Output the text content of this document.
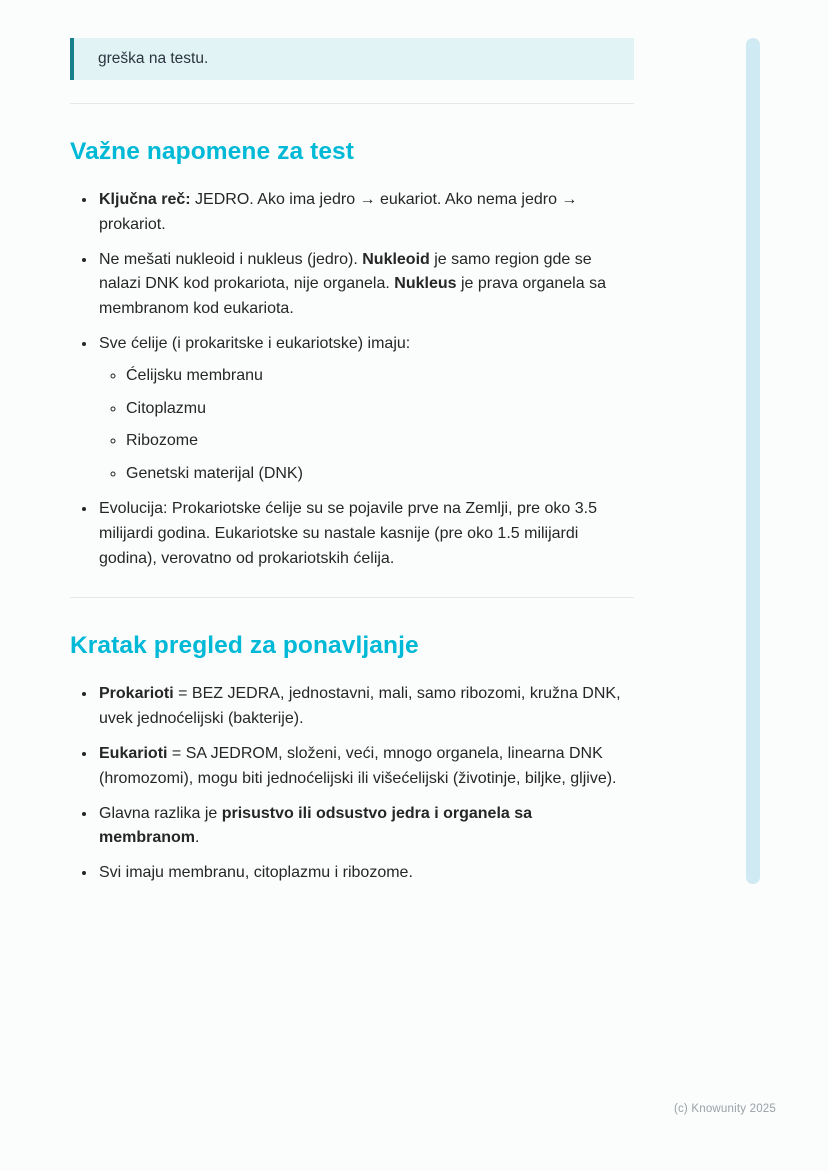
greška na testu.
Važne napomene za test
• Ključna reč: JEDRO. Ako ima jedro → eukariot. Ako nema jedro → prokariot.
• Ne mešati nukleoid i nukleus (jedro). Nukleoid je samo region gde se nalazi DNK kod prokariota, nije organela. Nukleus je prava organela sa membranom kod eukariota.
• Sve ćelije (i prokaritske i eukariotske) imaju:
◦ Ćelijsku membranu
◦ Citoplazmu
◦ Ribozome
◦ Genetski materijal (DNK)
• Evolucija: Prokariotske ćelije su se pojavile prve na Zemlji, pre oko 3.5 milijardi godina. Eukariotske su nastale kasnije (pre oko 1.5 milijardi godina), verovatno od prokariotskih ćelija.
Kratak pregled za ponavljanje
• Prokarioti = BEZ JEDRA, jednostavni, mali, samo ribozomi, kružna DNK, uvek jednoćelijski (bakterije).
• Eukarioti = SA JEDROM, složeni, veći, mnogo organela, linearna DNK (hromozomi), mogu biti jednoćelijski ili višećelijski (životinje, biljke, gljive).
• Glavna razlika je prisustvo ili odsustvo jedra i organela sa membranom.
• Svi imaju membranu, citoplazmu i ribozome.
(c) Knowunity 2025
